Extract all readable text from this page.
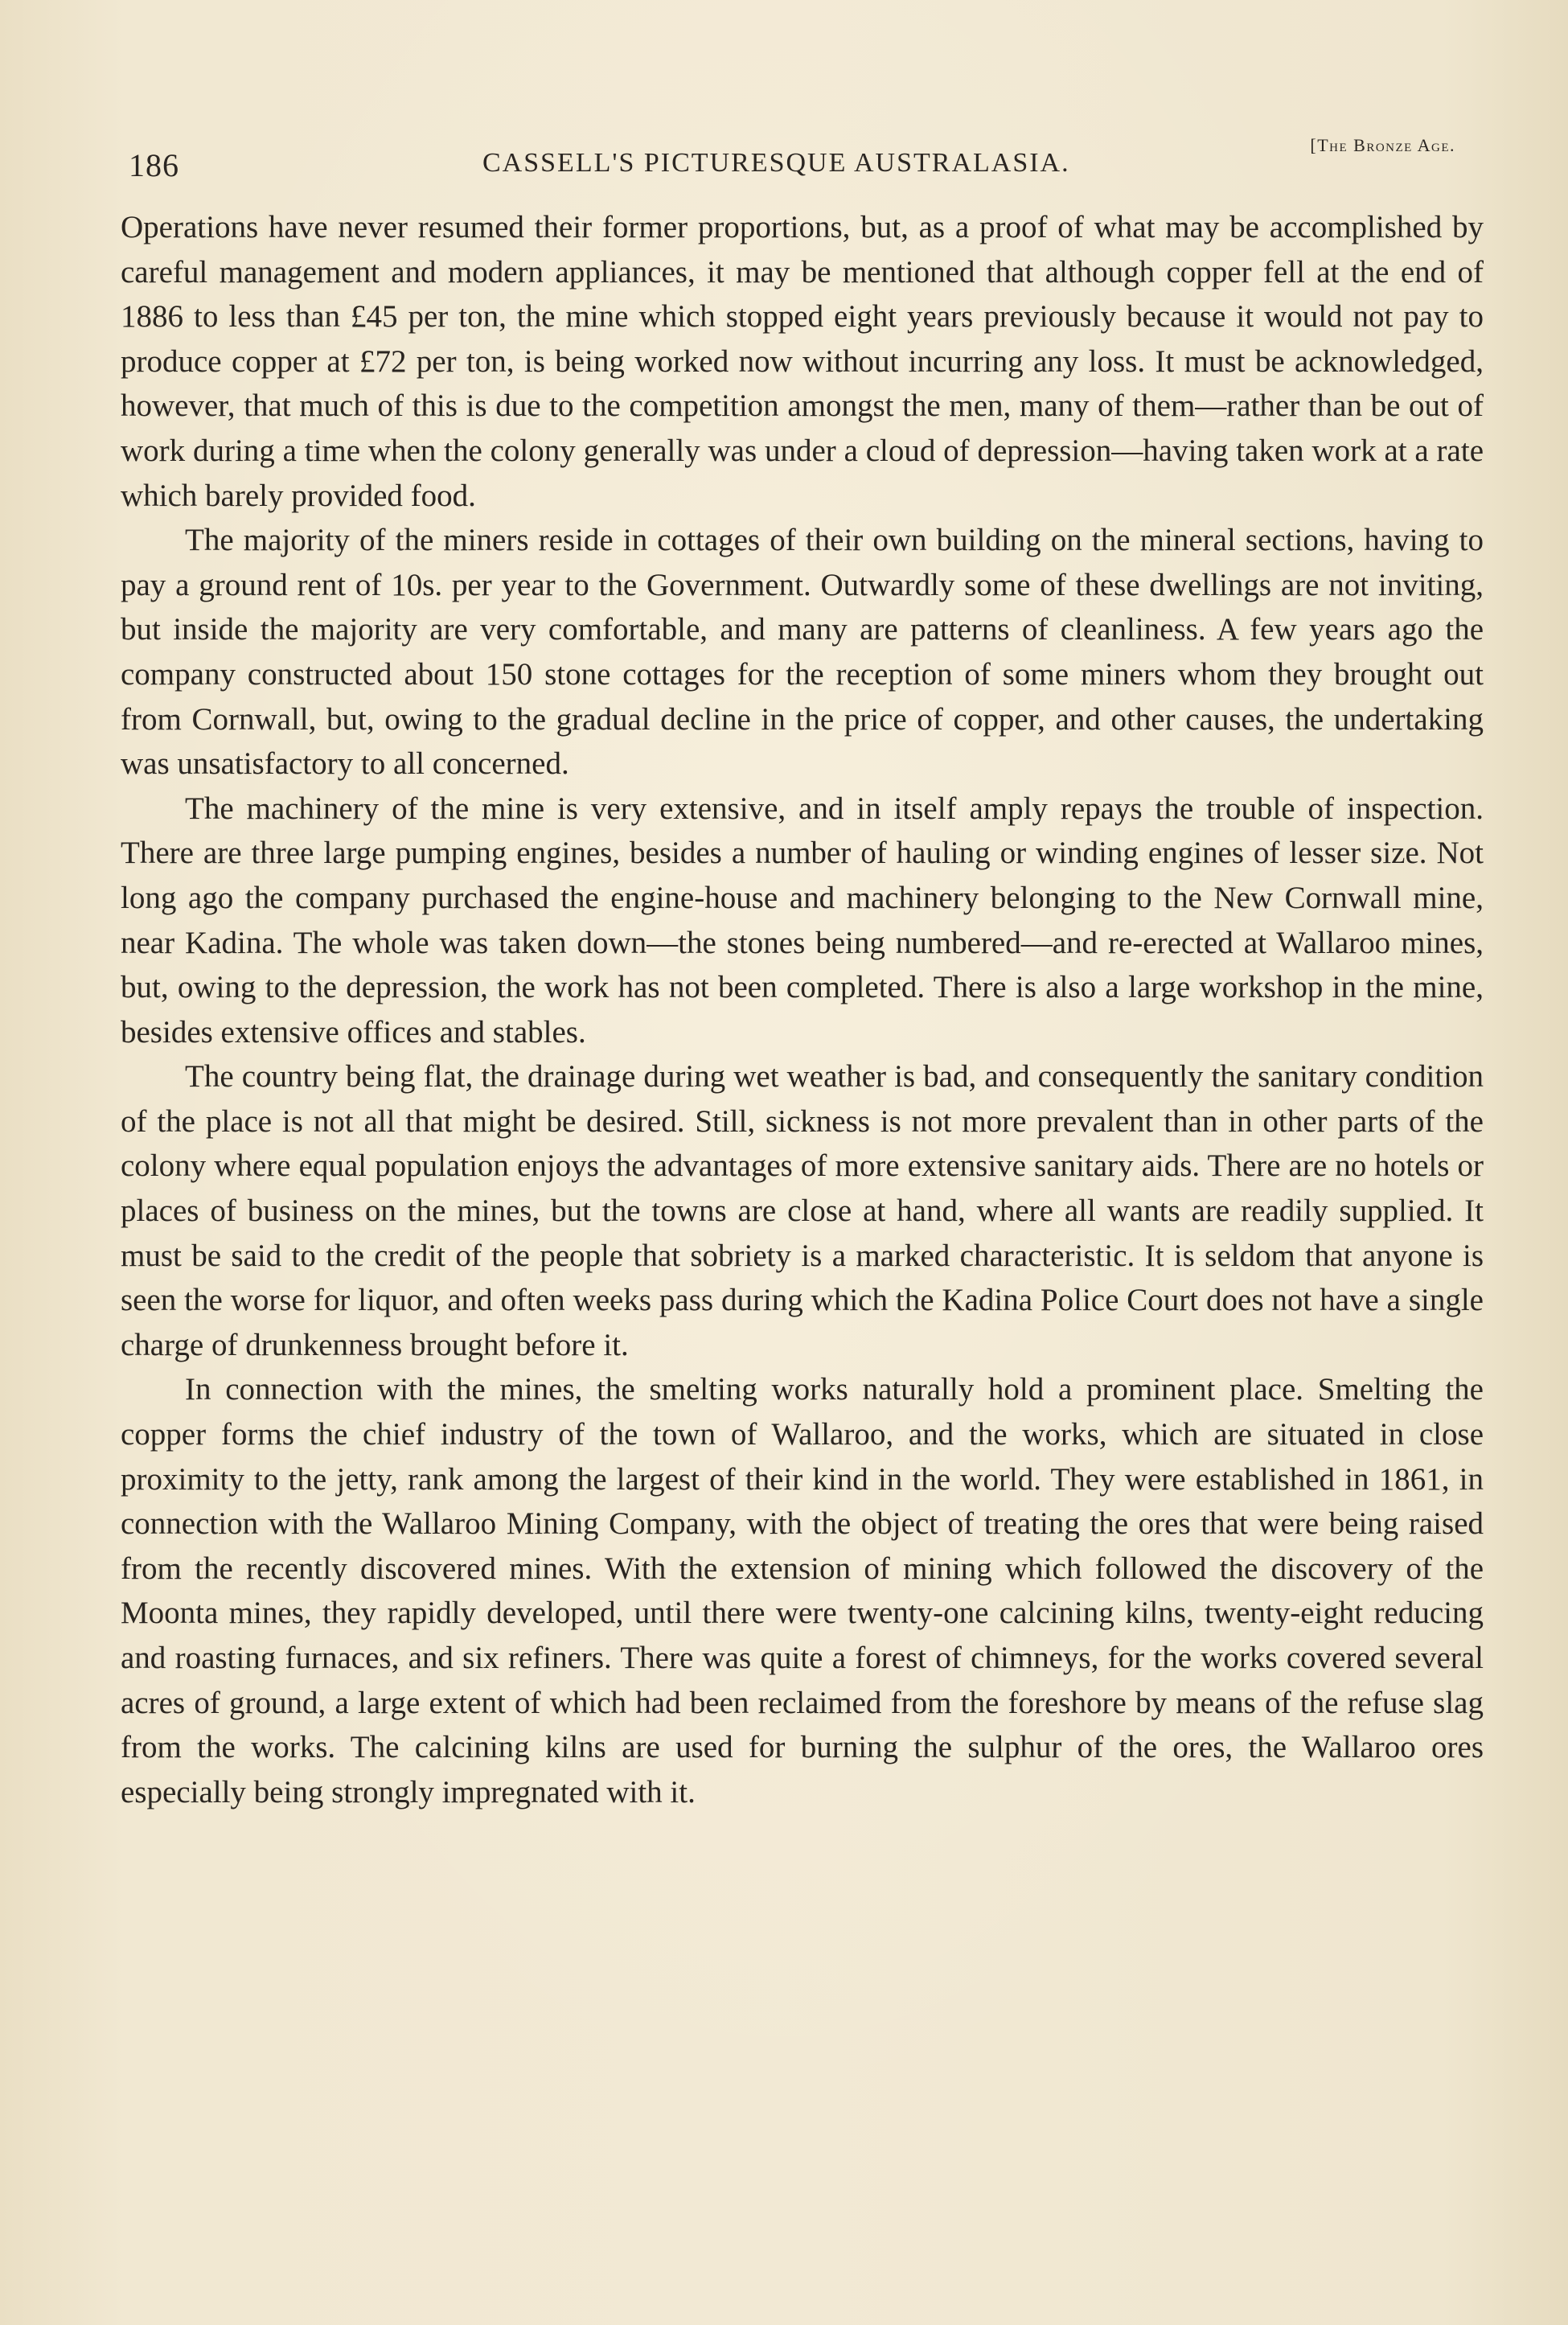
186	CASSELL'S PICTURESQUE AUSTRALASIA.
[The Bronze Age.

Operations have never resumed their former proportions, but, as a proof of what may be accomplished by careful management and modern appliances, it may be mentioned that although copper fell at the end of 1886 to less than £45 per ton, the mine which stopped eight years previously because it would not pay to produce copper at £72 per ton, is being worked now without incurring any loss. It must be acknowledged, however, that much of this is due to the competition amongst the men, many of them—rather than be out of work during a time when the colony generally was under a cloud of depression—having taken work at a rate which barely provided food.

The majority of the miners reside in cottages of their own building on the mineral sections, having to pay a ground rent of 10s. per year to the Government. Outwardly some of these dwellings are not inviting, but inside the majority are very comfortable, and many are patterns of cleanliness. A few years ago the company constructed about 150 stone cottages for the reception of some miners whom they brought out from Cornwall, but, owing to the gradual decline in the price of copper, and other causes, the undertaking was unsatisfactory to all concerned.

The machinery of the mine is very extensive, and in itself amply repays the trouble of inspection. There are three large pumping engines, besides a number of hauling or winding engines of lesser size. Not long ago the company purchased the engine-house and machinery belonging to the New Cornwall mine, near Kadina. The whole was taken down—the stones being numbered—and re-erected at Wallaroo mines, but, owing to the depression, the work has not been completed. There is also a large workshop in the mine, besides extensive offices and stables.

The country being flat, the drainage during wet weather is bad, and consequently the sanitary condition of the place is not all that might be desired. Still, sickness is not more prevalent than in other parts of the colony where equal population enjoys the advantages of more extensive sanitary aids. There are no hotels or places of business on the mines, but the towns are close at hand, where all wants are readily supplied. It must be said to the credit of the people that sobriety is a marked characteristic. It is seldom that anyone is seen the worse for liquor, and often weeks pass during which the Kadina Police Court does not have a single charge of drunkenness brought before it.

In connection with the mines, the smelting works naturally hold a prominent place. Smelting the copper forms the chief industry of the town of Wallaroo, and the works, which are situated in close proximity to the jetty, rank among the largest of their kind in the world. They were established in 1861, in connection with the Wallaroo Mining Company, with the object of treating the ores that were being raised from the recently discovered mines. With the extension of mining which followed the discovery of the Moonta mines, they rapidly developed, until there were twenty-one calcining kilns, twenty-eight reducing and roasting furnaces, and six refiners. There was quite a forest of chimneys, for the works covered several acres of ground, a large extent of which had been reclaimed from the foreshore by means of the refuse slag from the works. The calcining kilns are used for burning the sulphur of the ores, the Wallaroo ores especially being strongly impregnated with it.
